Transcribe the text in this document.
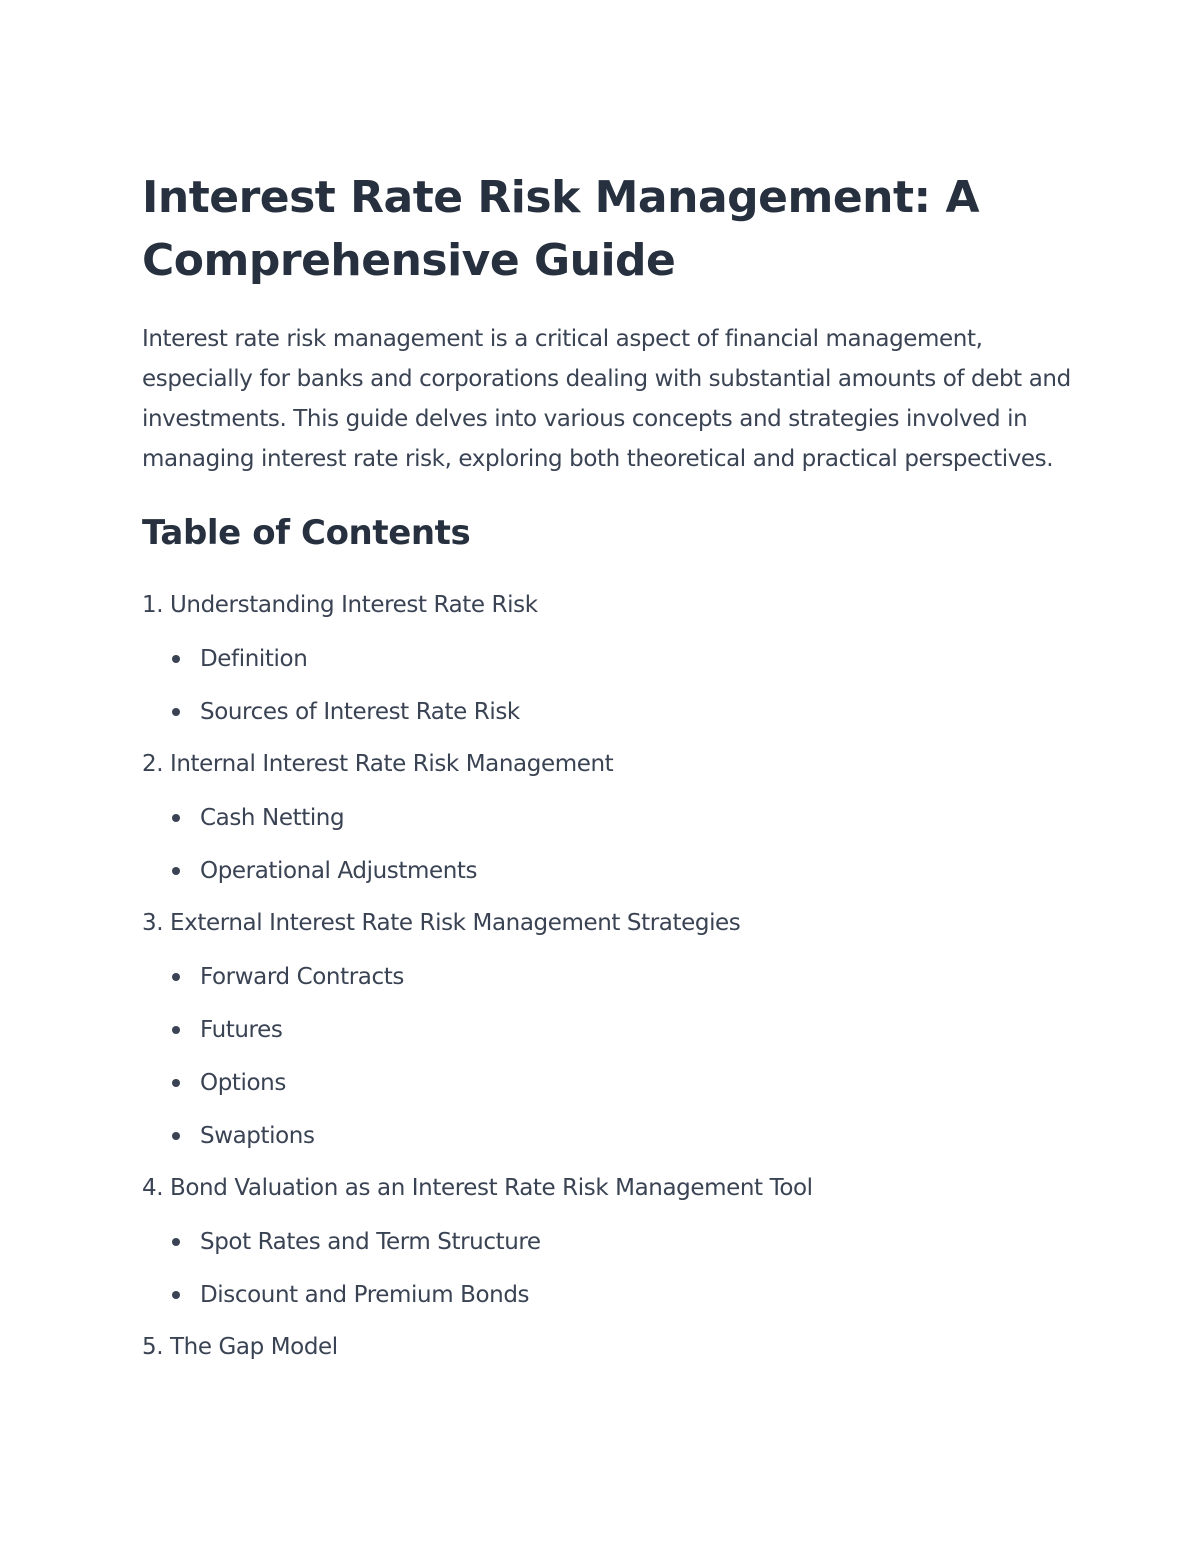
Interest Rate Risk Management: A Comprehensive Guide

Interest rate risk management is a critical aspect of financial management, especially for banks and corporations dealing with substantial amounts of debt and investments. This guide delves into various concepts and strategies involved in managing interest rate risk, exploring both theoretical and practical perspectives.

Table of Contents
1. Understanding Interest Rate Risk
Definition
Sources of Interest Rate Risk
2. Internal Interest Rate Risk Management
Cash Netting
Operational Adjustments
3. External Interest Rate Risk Management Strategies
Forward Contracts
Futures
Options
Swaptions
4. Bond Valuation as an Interest Rate Risk Management Tool
Spot Rates and Term Structure
Discount and Premium Bonds
5. The Gap Model
